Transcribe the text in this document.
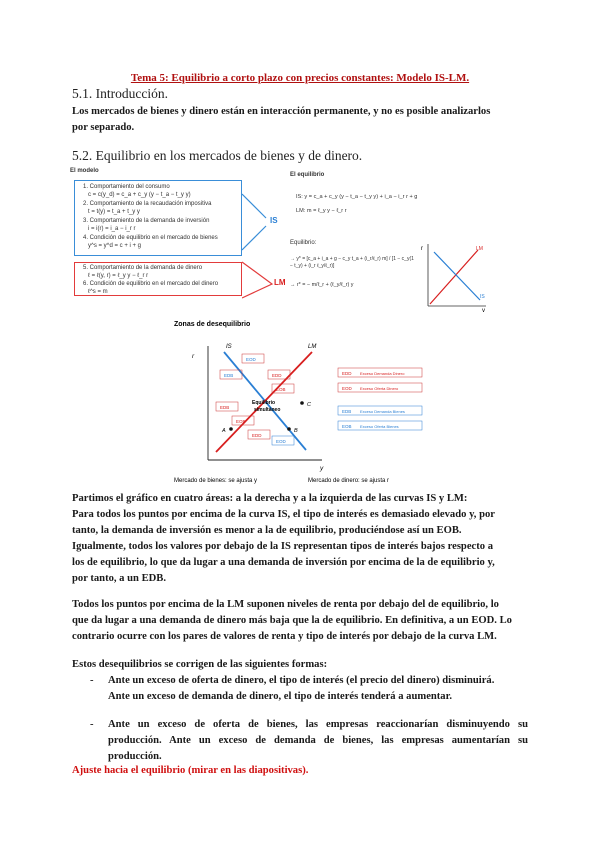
Tema 5: Equilibrio a corto plazo con precios constantes: Modelo IS-LM.
5.1. Introducción.
Los mercados de bienes y dinero están en interacción permanente, y no es posible analizarlos
por separado.
5.2. Equilibrio en los mercados de bienes y de dinero.
El modelo
1. Comportamiento del consumo
c = c(y_d) = c_a + c_y (y − t_a − t_y y)
2. Comportamiento de la recaudación impositiva
t = t(y) = t_a + t_y y
3. Comportamiento de la demanda de inversión
i = i(r) = i_a − i_r r
4. Condición de equilibrio en el mercado de bienes
y^s = y^d = c + i + g
5. Comportamiento de la demanda de dinero
ℓ = ℓ(y, r) = ℓ_y y − ℓ_r r
6. Condición de equilibrio en el mercado del dinero
ℓ^s = m
IS
LM
El equilibrio
IS: y = c_a + c_y (y − t_a − t_y y) + i_a − i_r r + g
LM: m = ℓ_y y − ℓ_r r
Equilibrio:
→ y* = [c_a + i_a + g − c_y t_a + (i_r/ℓ_r) m] / [1 − c_y(1 − t_y) + (i_r ℓ_y/ℓ_r)]
→ r* = − m/ℓ_r + (ℓ_y/ℓ_r) y
r
y
LM
IS
Zonas de desequilibrio
r
y
IS	LM
Equilibrio
simultáneo
A	B
C
EOD
EDB	EDD
EOB
EDB
EOB
EDD
EOD
EDD Exceso Demanda Dinero
EOD Exceso Oferta Dinero
EDB Exceso Demanda Bienes
EOB Exceso Oferta Bienes
Mercado de bienes: se ajusta y	Mercado de dinero: se ajusta r
Partimos el gráfico en cuatro áreas: a la derecha y a la izquierda de las curvas IS y LM:
Para todos los puntos por encima de la curva IS, el tipo de interés es demasiado elevado y, por
tanto, la demanda de inversión es menor a la de equilibrio, produciéndose así un EOB.
Igualmente, todos los valores por debajo de la IS representan tipos de interés bajos respecto a
los de equilibrio, lo que da lugar a una demanda de inversión por encima de la de equilibrio y,
por tanto, a un EDB.
Todos los puntos por encima de la LM suponen niveles de renta por debajo del de equilibrio, lo
que da lugar a una demanda de dinero más baja que la de equilibrio. En definitiva, a un EOD. Lo
contrario ocurre con los pares de valores de renta y tipo de interés por debajo de la curva LM.
Estos desequilibrios se corrigen de las siguientes formas:
- Ante un exceso de oferta de dinero, el tipo de interés (el precio del dinero) disminuirá.
Ante un exceso de demanda de dinero, el tipo de interés tenderá a aumentar.
- Ante un exceso de oferta de bienes, las empresas reaccionarían disminuyendo su
producción. Ante un exceso de demanda de bienes, las empresas aumentarían su
producción.
Ajuste hacia el equilibrio (mirar en las diapositivas).
